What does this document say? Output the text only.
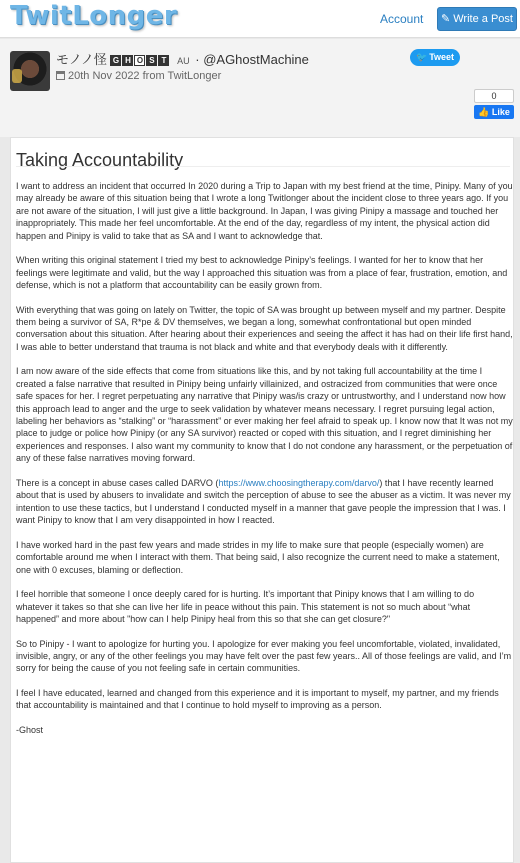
TwitLonger	Account	✎ Write a Post
モノノ怪 G H O S T AU · @AGhostMachine
20th Nov 2022 from TwitLonger
🐦 Tweet
0
👍 Like
Taking Accountability

I want to address an incident that occurred In 2020 during a Trip to Japan with my best friend at the time, Pinipy. Many of you may already be aware of this situation being that I wrote a long Twitlonger about the incident close to three years ago. If you are not aware of the situation, I will just give a little background. In Japan, I was giving Pinipy a massage and touched her inappropriately. This made her feel uncomfortable. At the end of the day, regardless of my intent, the physical action did happen and Pinipy is valid to take that as SA and I want to acknowledge that.

When writing this original statement I tried my best to acknowledge Pinipy’s feelings. I wanted for her to know that her feelings were legitimate and valid, but the way I approached this situation was from a place of fear, frustration, emotion, and defense, which is not a platform that accountability can be easily grown from.

With everything that was going on lately on Twitter, the topic of SA was brought up between myself and my partner. Despite them being a survivor of SA, R*pe & DV themselves, we began a long, somewhat confrontational but open minded conversation about this situation. After hearing about their experiences and seeing the affect it has had on their life first hand, I was able to better understand that trauma is not black and white and that everybody deals with it differently.

I am now aware of the side effects that come from situations like this, and by not taking full accountability at the time I created a false narrative that resulted in Pinipy being unfairly villainized, and ostracized from communities that were once safe spaces for her. I regret perpetuating any narrative that Pinipy was/is crazy or untrustworthy, and I understand now how this approach lead to anger and the urge to seek validation by whatever means necessary. I regret pursuing legal action, labeling her behaviors as “stalking” or “harassment” or ever making her feel afraid to speak up. I know now that It was not my place to judge or police how Pinipy (or any SA survivor) reacted or coped with this situation, and I regret diminishing her experiences and responses. I also want my community to know that I do not condone any harassment, or the perpetuation of any of these false narratives moving forward.

There is a concept in abuse cases called DARVO (https://www.choosingtherapy.com/darvo/) that I have recently learned about that is used by abusers to invalidate and switch the perception of abuse to see the abuser as a victim. It was never my intention to use these tactics, but I understand I conducted myself in a manner that gave people the impression that I was. I want Pinipy to know that I am very disappointed in how I reacted.

I have worked hard in the past few years and made strides in my life to make sure that people (especially women) are comfortable around me when I interact with them. That being said, I also recognize the current need to make a statement, one with 0 excuses, blaming or deflection.

I feel horrible that someone I once deeply cared for is hurting. It’s important that Pinipy knows that I am willing to do whatever it takes so that she can live her life in peace without this pain. This statement is not so much about “what happened” and more about "how can I help Pinipy heal from this so that she can get closure?"

So to Pinipy - I want to apologize for hurting you. I apologize for ever making you feel uncomfortable, violated, invalidated, invisible, angry, or any of the other feelings you may have felt over the past few years.. All of those feelings are valid, and I’m sorry for being the cause of you not feeling safe in certain communities.

I feel I have educated, learned and changed from this experience and it is important to myself, my partner, and my friends that accountability is maintained and that I continue to hold myself to improving as a person.

-Ghost
